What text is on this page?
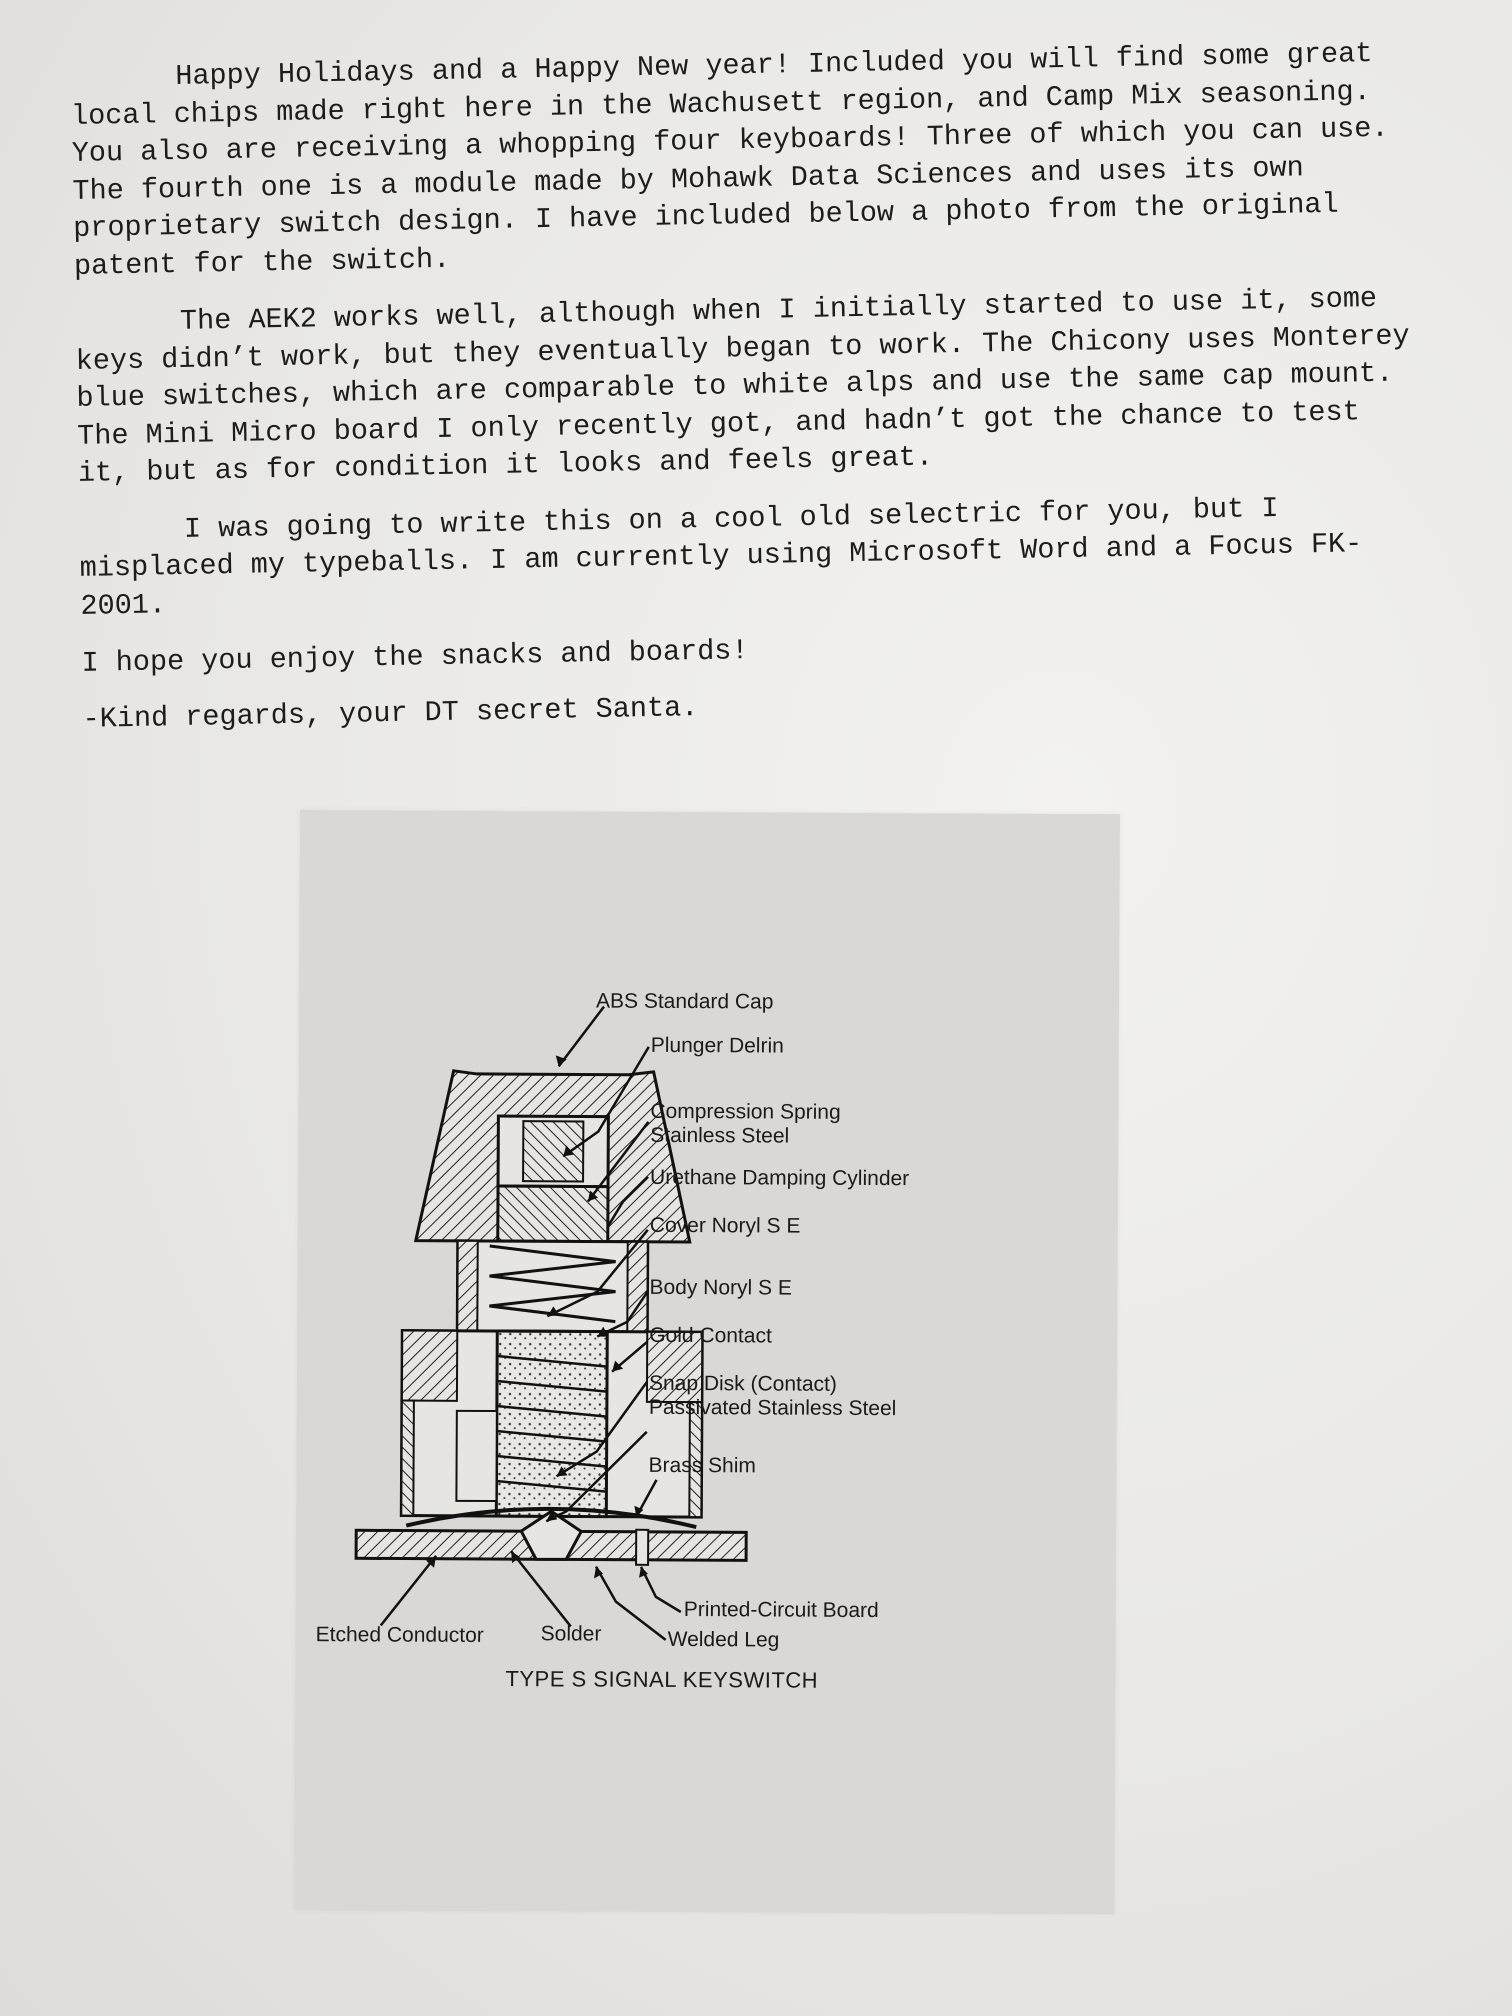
Happy Holidays and a Happy New year! Included you will find some great local chips made right here in the Wachusett region, and Camp Mix seasoning. You also are receiving a whopping four keyboards! Three of which you can use. The fourth one is a module made by Mohawk Data Sciences and uses its own proprietary switch design. I have included below a photo from the original patent for the switch.

The AEK2 works well, although when I initially started to use it, some keys didn’t work, but they eventually began to work. The Chicony uses Monterey blue switches, which are comparable to white alps and use the same cap mount. The Mini Micro board I only recently got, and hadn’t got the chance to test it, but as for condition it looks and feels great.

I was going to write this on a cool old selectric for you, but I misplaced my typeballs. I am currently using Microsoft Word and a Focus FK-2001.

I hope you enjoy the snacks and boards!

-Kind regards, your DT secret Santa.

ABS Standard Cap
Plunger Delrin
Compression Spring
Stainless Steel
Urethane Damping Cylinder
Cover Noryl S E
Body Noryl S E
Gold Contact
Snap Disk (Contact)
Passivated Stainless Steel
Brass Shim
Printed-Circuit Board
Welded Leg
Etched Conductor	Solder
TYPE S SIGNAL KEYSWITCH
